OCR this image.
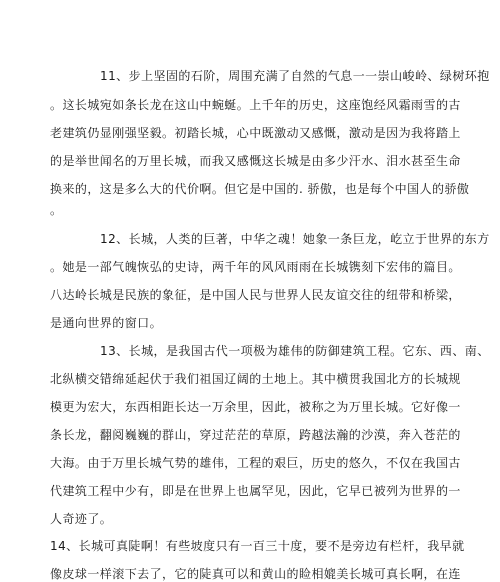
11、步上坚固的石阶，周围充满了自然的气息一一崇山峻岭、绿树环抱
。这长城宛如条长龙在这山中蜿蜒。上千年的历史，这座饱经风霜雨雪的古
老建筑仍显刚强坚毅。初踏长城，心中既激动又感慨，激动是因为我将踏上
的是举世闻名的万里长城，而我又感慨这长城是由多少汗水、泪水甚至生命
换来的，这是多么大的代价啊。但它是中国的. 骄傲，也是每个中国人的骄傲
。
12、长城，人类的巨著，中华之魂！她象一条巨龙，屹立于世界的东方
。她是一部气魄恢弘的史诗，两千年的风风雨雨在长城镌刻下宏伟的篇目。
八达岭长城是民族的象征，是中国人民与世界人民友谊交往的纽带和桥梁，
是通向世界的窗口。
13、长城，是我国古代一项极为雄伟的防御建筑工程。它东、西、南、
北纵横交错绵延起伏于我们祖国辽阔的土地上。其中横贯我国北方的长城规
模更为宏大，东西相距长达一万余里，因此，被称之为万里长城。它好像一
条长龙，翻阅巍巍的群山，穿过茫茫的草原，跨越法瀚的沙漠，奔入苍茫的
大海。由于万里长城气势的雄伟，工程的艰巨，历史的悠久，不仅在我国古
代建筑工程中少有，即是在世界上也属罕见，因此，它早已被列为世界的一
人奇迹了。
14、长城可真陡啊！有些坡度只有一百三十度，要不是旁边有栏杆，我早就
像皮球一样滚下去了，它的陡真可以和黄山的睑相媲美长城可真长啊，在连
